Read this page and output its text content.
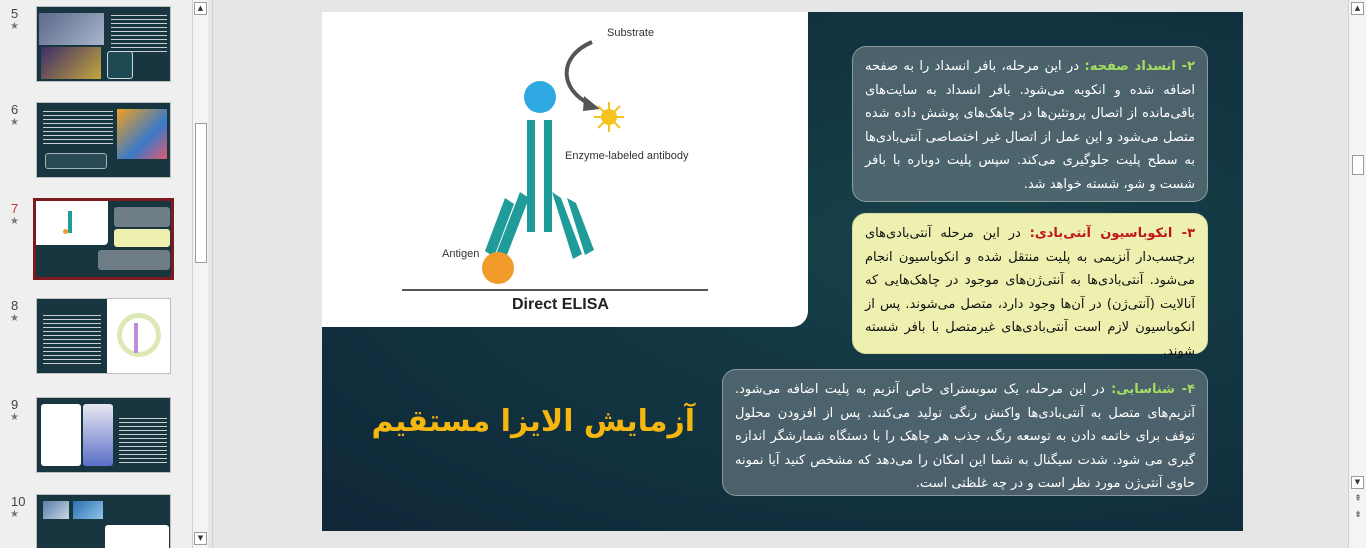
5
★
6
★
7
★
8
★
9
★
10
★
▲
▼
Substrate
Enzyme-labeled antibody
Antigen
Direct ELISA
۲- انسداد صفحه: در این مرحله، بافر انسداد را به صفحه اضافه شده و انکوبه می‌شود. بافر انسداد به سایت‌های باقی‌مانده از اتصال پروتئین‌ها در چاهک‌های پوشش داده شده متصل می‌شود و این عمل از اتصال غیر اختصاصی آنتی‌بادی‌ها به سطح پلیت جلوگیری می‌کند. سپس پلیت دوباره با بافر شست و شو، شسته خواهد شد.
۳- انکوباسیون آنتی‌بادی: در این مرحله آنتی‌بادی‌های برچسب‌دار آنزیمی به پلیت منتقل شده و انکوباسیون انجام می‌شود. آنتی‌بادی‌ها به آنتی‌ژن‌های موجود در چاهک‌هایی که آنالایت (آنتی‌ژن) در آن‌ها وجود دارد، متصل می‌شوند. پس از انکوباسیون لازم است آنتی‌بادی‌های غیرمتصل با بافر شسته شوند.
۴- شناسایی: در این مرحله، یک سوبسترای خاص آنزیم به پلیت اضافه می‌شود. آنزیم‌های متصل به آنتی‌بادی‌ها واکنش رنگی تولید می‌کنند. پس از افزودن محلول توقف برای خاتمه دادن به توسعه رنگ، جذب هر چاهک را با دستگاه شمارشگر اندازه گیری می شود. شدت سیگنال به شما این امکان را می‌دهد که مشخص کنید آیا نمونه حاوی آنتی‌ژن مورد نظر است و در چه غلظتی است.
آزمایش الایزا مستقیم
▲
▼
⇞
⇟
